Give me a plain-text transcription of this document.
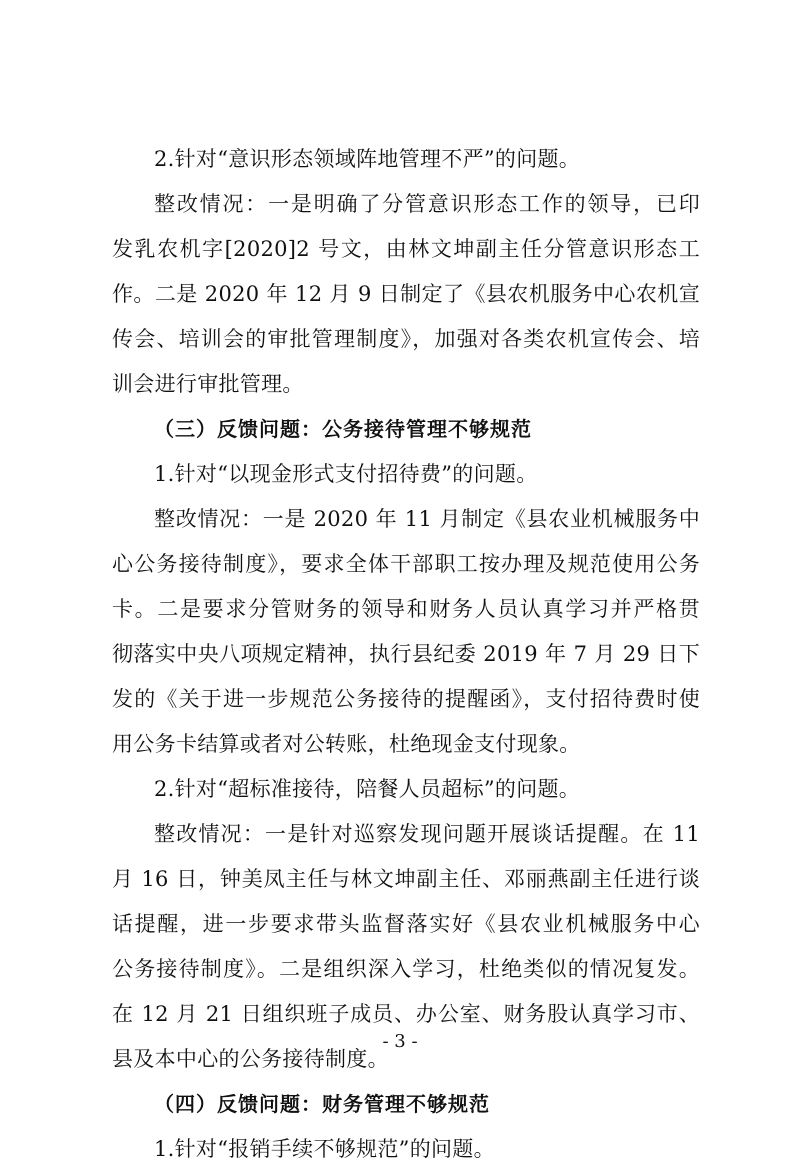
2.针对“意识形态领域阵地管理不严”的问题。
整改情况：一是明确了分管意识形态工作的领导，已印
发乳农机字[2020]2 号文，由林文坤副主任分管意识形态工
作。二是 2020 年 12 月 9 日制定了《县农机服务中心农机宣
传会、培训会的审批管理制度》，加强对各类农机宣传会、培
训会进行审批管理。
（三）反馈问题：公务接待管理不够规范
1.针对“以现金形式支付招待费”的问题。
整改情况：一是 2020 年 11 月制定《县农业机械服务中
心公务接待制度》，要求全体干部职工按办理及规范使用公务
卡。二是要求分管财务的领导和财务人员认真学习并严格贯
彻落实中央八项规定精神，执行县纪委 2019 年 7 月 29 日下
发的《关于进一步规范公务接待的提醒函》，支付招待费时使
用公务卡结算或者对公转账，杜绝现金支付现象。
2.针对“超标准接待，陪餐人员超标”的问题。
整改情况：一是针对巡察发现问题开展谈话提醒。在 11
月 16 日，钟美凤主任与林文坤副主任、邓丽燕副主任进行谈
话提醒，进一步要求带头监督落实好《县农业机械服务中心
公务接待制度》。二是组织深入学习，杜绝类似的情况复发。
在 12 月 21 日组织班子成员、办公室、财务股认真学习市、
县及本中心的公务接待制度。
（四）反馈问题：财务管理不够规范
1.针对“报销手续不够规范”的问题。
- 3 -
